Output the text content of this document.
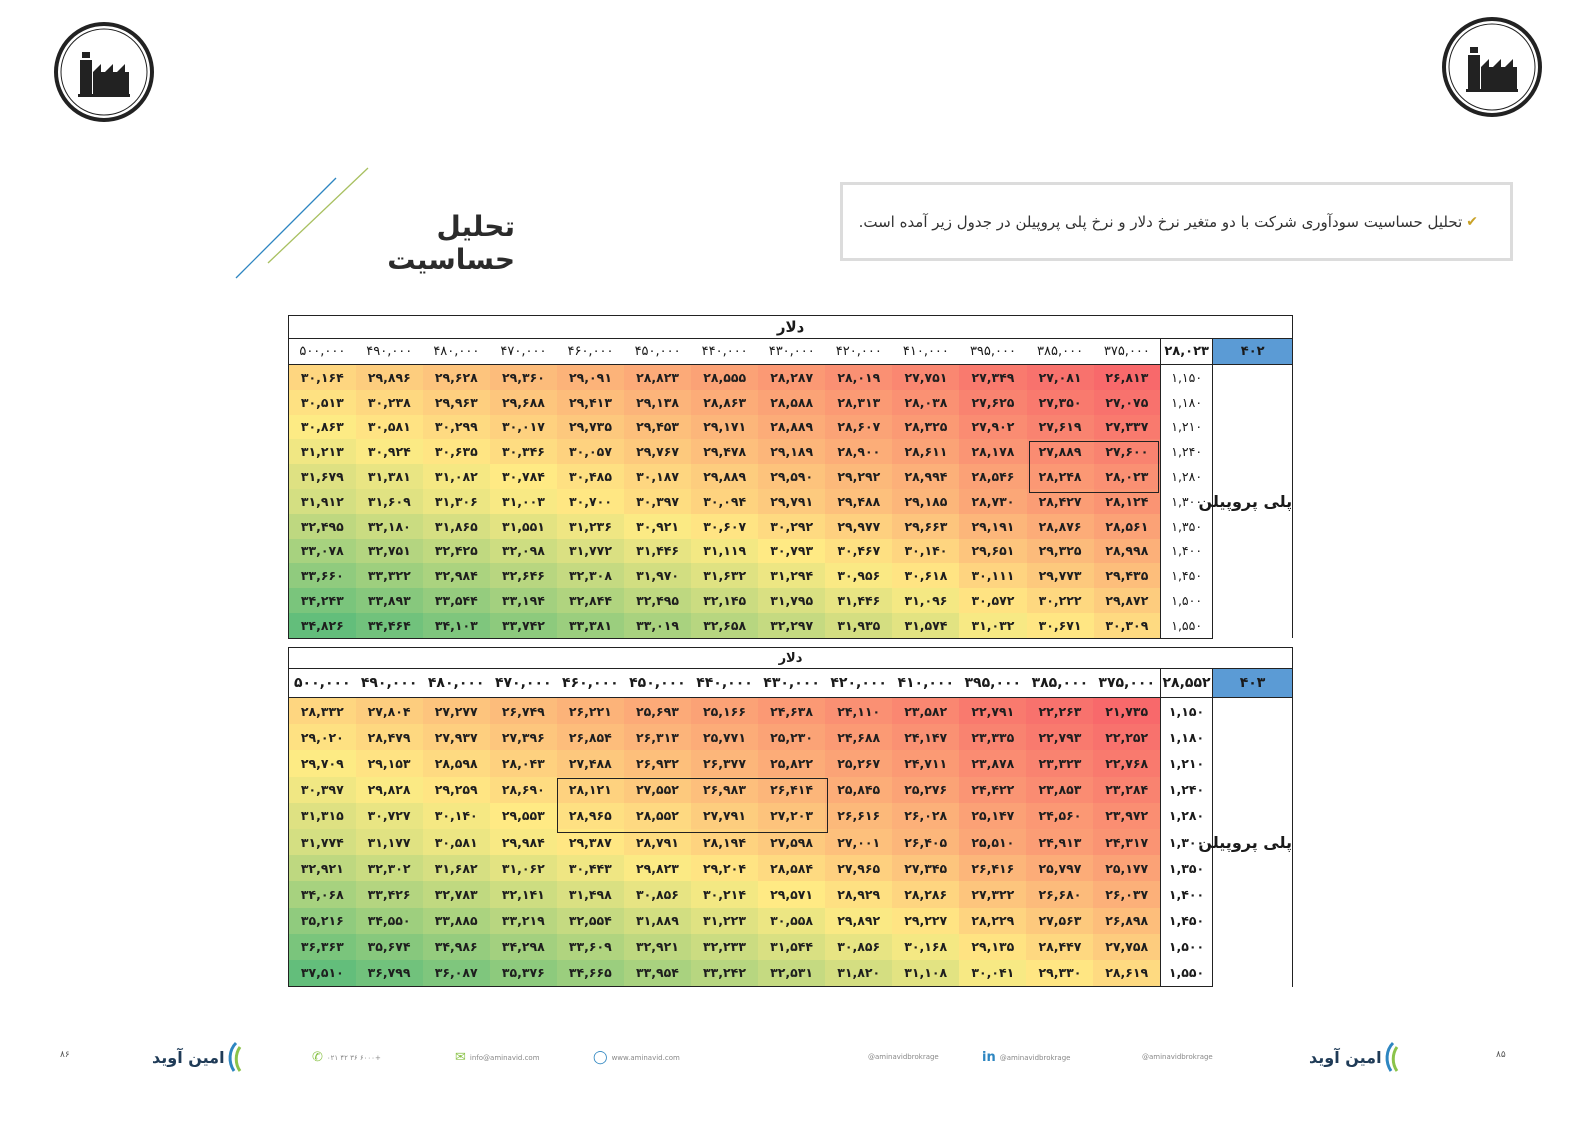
تحلیل حساسیت
✔
تحلیل حساسیت سودآوری شرکت با دو متغیر نرخ دلار و نرخ پلی پروپیلن در جدول زیر آمده است.
دلار														
۴۰۲	۲۸,۰۲۳	۳۷۵,۰۰۰	۳۸۵,۰۰۰	۳۹۵,۰۰۰	۴۱۰,۰۰۰	۴۲۰,۰۰۰	۴۳۰,۰۰۰	۴۴۰,۰۰۰	۴۵۰,۰۰۰	۴۶۰,۰۰۰	۴۷۰,۰۰۰	۴۸۰,۰۰۰	۴۹۰,۰۰۰	۵۰۰,۰۰۰
پلی پروپیلن	۱,۱۵۰	۲۶,۸۱۳	۲۷,۰۸۱	۲۷,۳۴۹	۲۷,۷۵۱	۲۸,۰۱۹	۲۸,۲۸۷	۲۸,۵۵۵	۲۸,۸۲۳	۲۹,۰۹۱	۲۹,۳۶۰	۲۹,۶۲۸	۲۹,۸۹۶	۳۰,۱۶۴
	۱,۱۸۰	۲۷,۰۷۵	۲۷,۳۵۰	۲۷,۶۲۵	۲۸,۰۳۸	۲۸,۳۱۳	۲۸,۵۸۸	۲۸,۸۶۳	۲۹,۱۳۸	۲۹,۴۱۳	۲۹,۶۸۸	۲۹,۹۶۳	۳۰,۲۳۸	۳۰,۵۱۳
	۱,۲۱۰	۲۷,۳۳۷	۲۷,۶۱۹	۲۷,۹۰۲	۲۸,۳۲۵	۲۸,۶۰۷	۲۸,۸۸۹	۲۹,۱۷۱	۲۹,۴۵۳	۲۹,۷۳۵	۳۰,۰۱۷	۳۰,۲۹۹	۳۰,۵۸۱	۳۰,۸۶۳
	۱,۲۴۰	۲۷,۶۰۰	۲۷,۸۸۹	۲۸,۱۷۸	۲۸,۶۱۱	۲۸,۹۰۰	۲۹,۱۸۹	۲۹,۴۷۸	۲۹,۷۶۷	۳۰,۰۵۷	۳۰,۳۴۶	۳۰,۶۳۵	۳۰,۹۲۴	۳۱,۲۱۳
	۱,۲۸۰	۲۸,۰۲۳	۲۸,۲۴۸	۲۸,۵۴۶	۲۸,۹۹۴	۲۹,۲۹۲	۲۹,۵۹۰	۲۹,۸۸۹	۳۰,۱۸۷	۳۰,۴۸۵	۳۰,۷۸۴	۳۱,۰۸۲	۳۱,۳۸۱	۳۱,۶۷۹
	۱,۳۰۰	۲۸,۱۲۴	۲۸,۴۲۷	۲۸,۷۳۰	۲۹,۱۸۵	۲۹,۴۸۸	۲۹,۷۹۱	۳۰,۰۹۴	۳۰,۳۹۷	۳۰,۷۰۰	۳۱,۰۰۳	۳۱,۳۰۶	۳۱,۶۰۹	۳۱,۹۱۲
	۱,۳۵۰	۲۸,۵۶۱	۲۸,۸۷۶	۲۹,۱۹۱	۲۹,۶۶۳	۲۹,۹۷۷	۳۰,۲۹۲	۳۰,۶۰۷	۳۰,۹۲۱	۳۱,۲۳۶	۳۱,۵۵۱	۳۱,۸۶۵	۳۲,۱۸۰	۳۲,۴۹۵
	۱,۴۰۰	۲۸,۹۹۸	۲۹,۳۲۵	۲۹,۶۵۱	۳۰,۱۴۰	۳۰,۴۶۷	۳۰,۷۹۳	۳۱,۱۱۹	۳۱,۴۴۶	۳۱,۷۷۲	۳۲,۰۹۸	۳۲,۴۲۵	۳۲,۷۵۱	۳۳,۰۷۸
	۱,۴۵۰	۲۹,۴۳۵	۲۹,۷۷۳	۳۰,۱۱۱	۳۰,۶۱۸	۳۰,۹۵۶	۳۱,۲۹۴	۳۱,۶۳۲	۳۱,۹۷۰	۳۲,۳۰۸	۳۲,۶۴۶	۳۲,۹۸۴	۳۳,۳۲۲	۳۳,۶۶۰
	۱,۵۰۰	۲۹,۸۷۲	۳۰,۲۲۲	۳۰,۵۷۲	۳۱,۰۹۶	۳۱,۴۴۶	۳۱,۷۹۵	۳۲,۱۴۵	۳۲,۴۹۵	۳۲,۸۴۴	۳۳,۱۹۴	۳۳,۵۴۴	۳۳,۸۹۳	۳۴,۲۴۳
	۱,۵۵۰	۳۰,۳۰۹	۳۰,۶۷۱	۳۱,۰۳۲	۳۱,۵۷۴	۳۱,۹۳۵	۳۲,۲۹۷	۳۲,۶۵۸	۳۳,۰۱۹	۳۳,۳۸۱	۳۳,۷۴۲	۳۴,۱۰۳	۳۴,۴۶۴	۳۴,۸۲۶
دلار														
۴۰۳	۲۸,۵۵۲	۳۷۵,۰۰۰	۳۸۵,۰۰۰	۳۹۵,۰۰۰	۴۱۰,۰۰۰	۴۲۰,۰۰۰	۴۳۰,۰۰۰	۴۴۰,۰۰۰	۴۵۰,۰۰۰	۴۶۰,۰۰۰	۴۷۰,۰۰۰	۴۸۰,۰۰۰	۴۹۰,۰۰۰	۵۰۰,۰۰۰
پلی پروپیلن	۱,۱۵۰	۲۱,۷۳۵	۲۲,۲۶۳	۲۲,۷۹۱	۲۳,۵۸۲	۲۴,۱۱۰	۲۴,۶۳۸	۲۵,۱۶۶	۲۵,۶۹۳	۲۶,۲۲۱	۲۶,۷۴۹	۲۷,۲۷۷	۲۷,۸۰۴	۲۸,۳۳۲
	۱,۱۸۰	۲۲,۲۵۲	۲۲,۷۹۳	۲۳,۳۳۵	۲۴,۱۴۷	۲۴,۶۸۸	۲۵,۲۳۰	۲۵,۷۷۱	۲۶,۳۱۳	۲۶,۸۵۴	۲۷,۳۹۶	۲۷,۹۳۷	۲۸,۴۷۹	۲۹,۰۲۰
	۱,۲۱۰	۲۲,۷۶۸	۲۳,۳۲۳	۲۳,۸۷۸	۲۴,۷۱۱	۲۵,۲۶۷	۲۵,۸۲۲	۲۶,۳۷۷	۲۶,۹۳۲	۲۷,۴۸۸	۲۸,۰۴۳	۲۸,۵۹۸	۲۹,۱۵۳	۲۹,۷۰۹
	۱,۲۴۰	۲۳,۲۸۴	۲۳,۸۵۳	۲۴,۴۲۲	۲۵,۲۷۶	۲۵,۸۴۵	۲۶,۴۱۴	۲۶,۹۸۳	۲۷,۵۵۲	۲۸,۱۲۱	۲۸,۶۹۰	۲۹,۲۵۹	۲۹,۸۲۸	۳۰,۳۹۷
	۱,۲۸۰	۲۳,۹۷۲	۲۴,۵۶۰	۲۵,۱۴۷	۲۶,۰۲۸	۲۶,۶۱۶	۲۷,۲۰۳	۲۷,۷۹۱	۲۸,۵۵۲	۲۸,۹۶۵	۲۹,۵۵۳	۳۰,۱۴۰	۳۰,۷۲۷	۳۱,۳۱۵
	۱,۳۰۰	۲۴,۳۱۷	۲۴,۹۱۳	۲۵,۵۱۰	۲۶,۴۰۵	۲۷,۰۰۱	۲۷,۵۹۸	۲۸,۱۹۴	۲۸,۷۹۱	۲۹,۳۸۷	۲۹,۹۸۴	۳۰,۵۸۱	۳۱,۱۷۷	۳۱,۷۷۴
	۱,۳۵۰	۲۵,۱۷۷	۲۵,۷۹۷	۲۶,۴۱۶	۲۷,۳۴۵	۲۷,۹۶۵	۲۸,۵۸۴	۲۹,۲۰۴	۲۹,۸۲۳	۳۰,۴۴۳	۳۱,۰۶۲	۳۱,۶۸۲	۳۲,۳۰۲	۳۲,۹۲۱
	۱,۴۰۰	۲۶,۰۳۷	۲۶,۶۸۰	۲۷,۳۲۲	۲۸,۲۸۶	۲۸,۹۲۹	۲۹,۵۷۱	۳۰,۲۱۴	۳۰,۸۵۶	۳۱,۴۹۸	۳۲,۱۴۱	۳۲,۷۸۳	۳۳,۴۲۶	۳۴,۰۶۸
	۱,۴۵۰	۲۶,۸۹۸	۲۷,۵۶۳	۲۸,۲۲۹	۲۹,۲۲۷	۲۹,۸۹۲	۳۰,۵۵۸	۳۱,۲۲۳	۳۱,۸۸۹	۳۲,۵۵۴	۳۳,۲۱۹	۳۳,۸۸۵	۳۴,۵۵۰	۳۵,۲۱۶
	۱,۵۰۰	۲۷,۷۵۸	۲۸,۴۴۷	۲۹,۱۳۵	۳۰,۱۶۸	۳۰,۸۵۶	۳۱,۵۴۴	۳۲,۲۳۳	۳۲,۹۲۱	۳۳,۶۰۹	۳۴,۲۹۸	۳۴,۹۸۶	۳۵,۶۷۴	۳۶,۳۶۳
	۱,۵۵۰	۲۸,۶۱۹	۲۹,۳۳۰	۳۰,۰۴۱	۳۱,۱۰۸	۳۱,۸۲۰	۳۲,۵۳۱	۳۳,۲۴۲	۳۳,۹۵۴	۳۴,۶۶۵	۳۵,۳۷۶	۳۶,۰۸۷	۳۶,۷۹۹	۳۷,۵۱۰
۸۶	۸۵
امین آوید	امین آوید
✆ ۰۲۱ ۴۲ ۳۶ ۶۰۰۰+	✉ info@aminavid.com	◯ www.aminavid.com	@aminavidbrokrage	in @aminavidbrokrage	@aminavidbrokrage
